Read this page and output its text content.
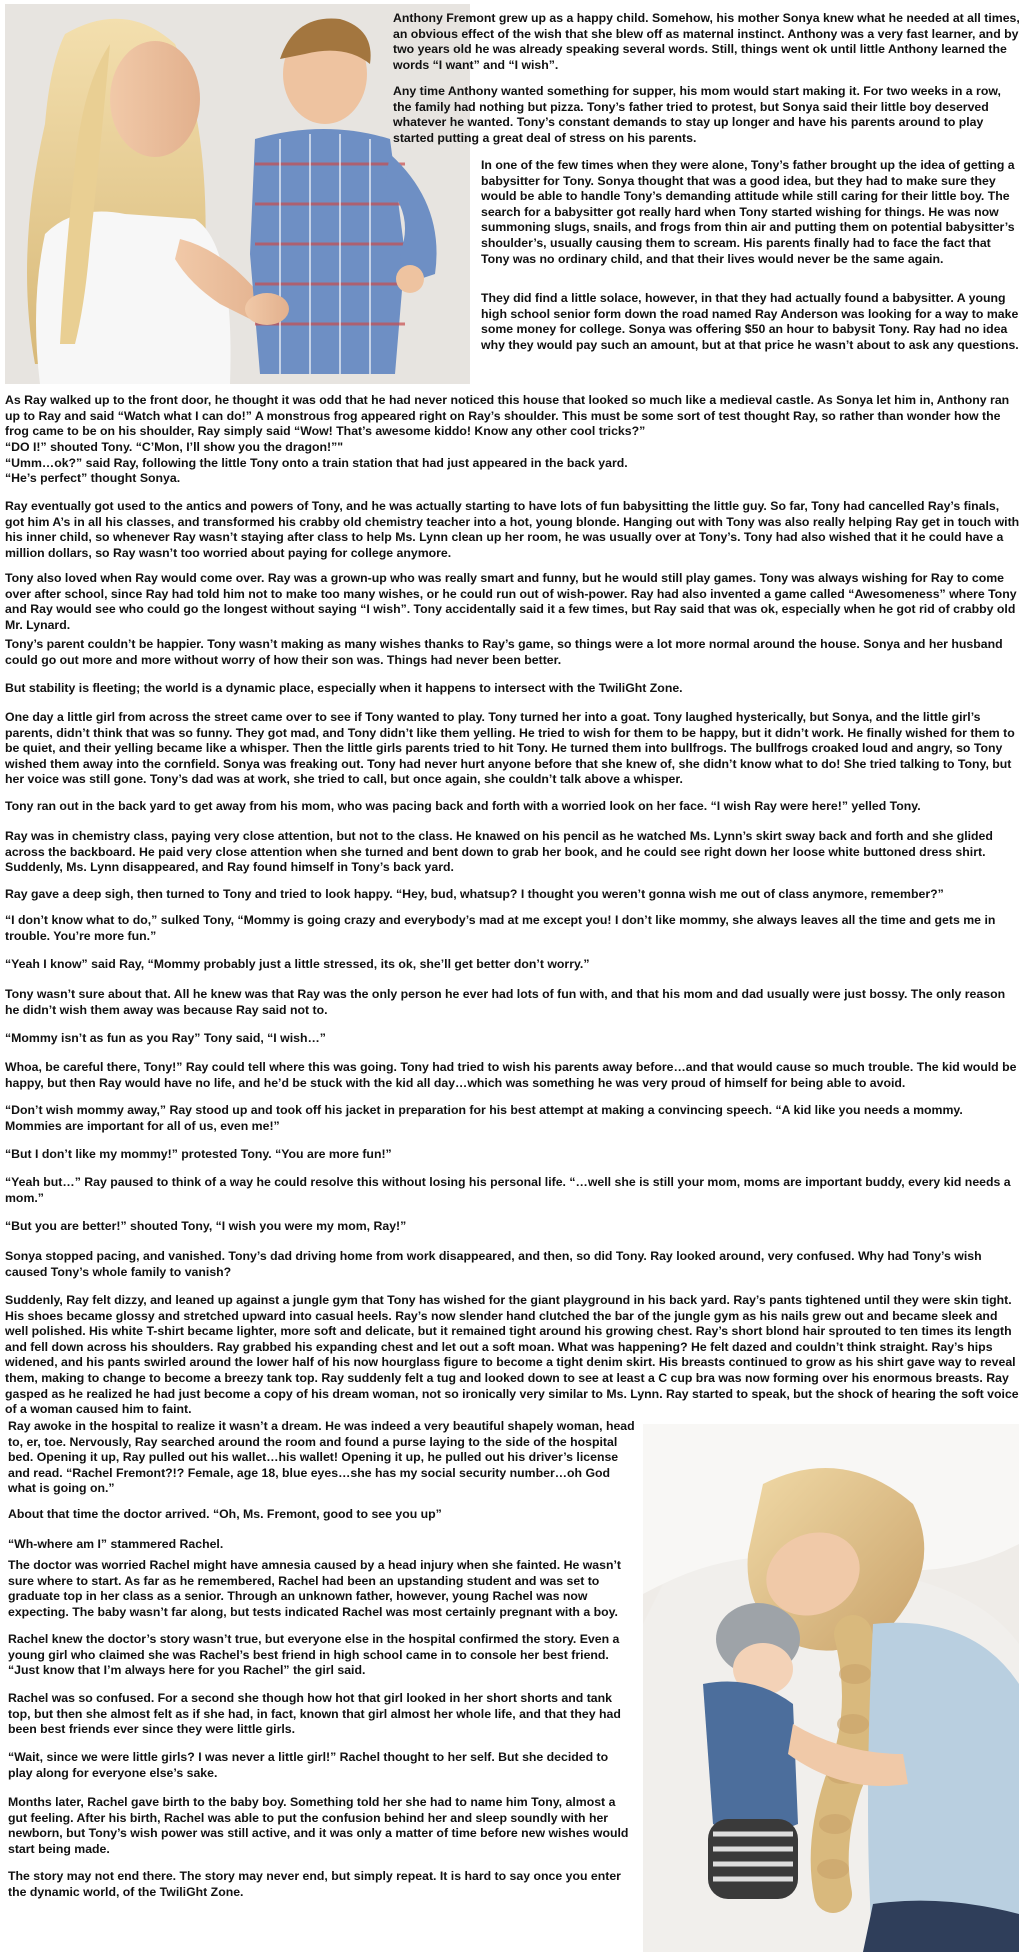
Anthony Fremont grew up as a happy child. Somehow, his mother Sonya knew what he needed at all times, an obvious effect of the wish that she blew off as maternal instinct. Anthony was a very fast learner, and by two years old he was already speaking several words. Still, things went ok until little Anthony learned the words “I want” and “I wish”.

Any time Anthony wanted something for supper, his mom would start making it. For two weeks in a row, the family had nothing but pizza. Tony’s father tried to protest, but Sonya said their little boy deserved whatever he wanted. Tony’s constant demands to stay up longer and have his parents around to play started putting a great deal of stress on his parents.

In one of the few times when they were alone, Tony’s father brought up the idea of getting a babysitter for Tony. Sonya thought that was a good idea, but they had to make sure they would be able to handle Tony’s demanding attitude while still caring for their little boy. The search for a babysitter got really hard when Tony started wishing for things. He was now summoning slugs, snails, and frogs from thin air and putting them on potential babysitter’s shoulder’s, usually causing them to scream. His parents finally had to face the fact that Tony was no ordinary child, and that their lives would never be the same again.

They did find a little solace, however, in that they had actually found a babysitter. A young high school senior form down the road named Ray Anderson was looking for a way to make some money for college. Sonya was offering $50 an hour to babysit Tony. Ray had no idea why they would pay such an amount, but at that price he wasn’t about to ask any questions.

As Ray walked up to the front door, he thought it was odd that he had never noticed this house that looked so much like a medieval castle. As Sonya let him in, Anthony ran up to Ray and said “Watch what I can do!” A monstrous frog appeared right on Ray’s shoulder. This must be some sort of test thought Ray, so rather than wonder how the frog came to be on his shoulder, Ray simply said “Wow! That’s awesome kiddo! Know any other cool tricks?”

“DO I!” shouted Tony. “C’Mon, I’ll show you the dragon!”"

“Umm…ok?” said Ray, following the little Tony onto a train station that had just appeared in the back yard.

“He’s perfect” thought Sonya.

Ray eventually got used to the antics and powers of Tony, and he was actually starting to have lots of fun babysitting the little guy. So far, Tony had cancelled Ray’s finals, got him A’s in all his classes, and transformed his crabby old chemistry teacher into a hot, young blonde. Hanging out with Tony was also really helping Ray get in touch with his inner child, so whenever Ray wasn’t staying after class to help Ms. Lynn clean up her room, he was usually over at Tony’s. Tony had also wished that it he could have a million dollars, so Ray wasn’t too worried about paying for college anymore.

Tony also loved when Ray would come over. Ray was a grown-up who was really smart and funny, but he would still play games. Tony was always wishing for Ray to come over after school, since Ray had told him not to make too many wishes, or he could run out of wish-power. Ray had also invented a game called “Awesomeness” where Tony and Ray would see who could go the longest without saying “I wish”. Tony accidentally said it a few times, but Ray said that was ok, especially when he got rid of crabby old Mr. Lynard.

Tony’s parent couldn’t be happier. Tony wasn’t making as many wishes thanks to Ray’s game, so things were a lot more normal around the house. Sonya and her husband could go out more and more without worry of how their son was. Things had never been better.

But stability is fleeting; the world is a dynamic place, especially when it happens to intersect with the TwiliGht Zone.

One day a little girl from across the street came over to see if Tony wanted to play. Tony turned her into a goat. Tony laughed hysterically, but Sonya, and the little girl’s parents, didn’t think that was so funny. They got mad, and Tony didn’t like them yelling. He tried to wish for them to be happy, but it didn’t work. He finally wished for them to be quiet, and their yelling became like a whisper. Then the little girls parents tried to hit Tony. He turned them into bullfrogs. The bullfrogs croaked loud and angry, so Tony wished them away into the cornfield. Sonya was freaking out. Tony had never hurt anyone before that she knew of, she didn’t know what to do! She tried talking to Tony, but her voice was still gone. Tony’s dad was at work, she tried to call, but once again, she couldn’t talk above a whisper.

Tony ran out in the back yard to get away from his mom, who was pacing back and forth with a worried look on her face. “I wish Ray were here!” yelled Tony.

Ray was in chemistry class, paying very close attention, but not to the class. He knawed on his pencil as he watched Ms. Lynn’s skirt sway back and forth and she glided across the backboard. He paid very close attention when she turned and bent down to grab her book, and he could see right down her loose white buttoned dress shirt. Suddenly, Ms. Lynn disappeared, and Ray found himself in Tony’s back yard.

Ray gave a deep sigh, then turned to Tony and tried to look happy. “Hey, bud, whatsup? I thought you weren’t gonna wish me out of class anymore, remember?”

“I don’t know what to do,” sulked Tony, “Mommy is going crazy and everybody’s mad at me except you! I don’t like mommy, she always leaves all the time and gets me in trouble. You’re more fun.”

“Yeah I know” said Ray, “Mommy probably just a little stressed, its ok, she’ll get better don’t worry.”

Tony wasn’t sure about that. All he knew was that Ray was the only person he ever had lots of fun with, and that his mom and dad usually were just bossy. The only reason he didn’t wish them away was because Ray said not to.

“Mommy isn’t as fun as you Ray” Tony said, “I wish…”

Whoa, be careful there, Tony!” Ray could tell where this was going. Tony had tried to wish his parents away before…and that would cause so much trouble. The kid would be happy, but then Ray would have no life, and he’d be stuck with the kid all day…which was something he was very proud of himself for being able to avoid.

“Don’t wish mommy away,” Ray stood up and took off his jacket in preparation for his best attempt at making a convincing speech. “A kid like you needs a mommy. Mommies are important for all of us, even me!”

“But I don’t like my mommy!” protested Tony. “You are more fun!”

“Yeah but…” Ray paused to think of a way he could resolve this without losing his personal life. “…well she is still your mom, moms are important buddy, every kid needs a mom.”

“But you are better!” shouted Tony, “I wish you were my mom, Ray!”

Sonya stopped pacing, and vanished. Tony’s dad driving home from work disappeared, and then, so did Tony. Ray looked around, very confused. Why had Tony’s wish caused Tony’s whole family to vanish?

Suddenly, Ray felt dizzy, and leaned up against a jungle gym that Tony has wished for the giant playground in his back yard. Ray’s pants tightened until they were skin tight. His shoes became glossy and stretched upward into casual heels. Ray’s now slender hand clutched the bar of the jungle gym as his nails grew out and became sleek and well polished. His white T-shirt became lighter, more soft and delicate, but it remained tight around his growing chest. Ray’s short blond hair sprouted to ten times its length and fell down across his shoulders. Ray grabbed his expanding chest and let out a soft moan. What was happening? He felt dazed and couldn’t think straight. Ray’s hips widened, and his pants swirled around the lower half of his now hourglass figure to become a tight denim skirt. His breasts continued to grow as his shirt gave way to reveal them, making to change to become a breezy tank top. Ray suddenly felt a tug and looked down to see at least a C cup bra was now forming over his enormous breasts. Ray gasped as he realized he had just become a copy of his dream woman, not so ironically very similar to Ms. Lynn. Ray started to speak, but the shock of hearing the soft voice of a woman caused him to faint.

Ray awoke in the hospital to realize it wasn’t a dream. He was indeed a very beautiful shapely woman, head to, er, toe. Nervously, Ray searched around the room and found a purse laying to the side of the hospital bed. Opening it up, Ray pulled out his wallet…his wallet! Opening it up, he pulled out his driver’s license and read. “Rachel Fremont?!? Female, age 18, blue eyes…she has my social security number…oh God what is going on.”

About that time the doctor arrived. “Oh, Ms. Fremont, good to see you up”

“Wh-where am I” stammered Rachel.

The doctor was worried Rachel might have amnesia caused by a head injury when she fainted. He wasn’t sure where to start. As far as he remembered, Rachel had been an upstanding student and was set to graduate top in her class as a senior. Through an unknown father, however, young Rachel was now expecting. The baby wasn’t far along, but tests indicated Rachel was most certainly pregnant with a boy.

Rachel knew the doctor’s story wasn’t true, but everyone else in the hospital confirmed the story. Even a young girl who claimed she was Rachel’s best friend in high school came in to console her best friend. “Just know that I’m always here for you Rachel” the girl said.

Rachel was so confused. For a second she though how hot that girl looked in her short shorts and tank top, but then she almost felt as if she had, in fact, known that girl almost her whole life, and that they had been best friends ever since they were little girls.

“Wait, since we were little girls? I was never a little girl!” Rachel thought to her self. But she decided to play along for everyone else’s sake.

Months later, Rachel gave birth to the baby boy. Something told her she had to name him Tony, almost a gut feeling. After his birth, Rachel was able to put the confusion behind her and sleep soundly with her newborn, but Tony’s wish power was still active, and it was only a matter of time before new wishes would start being made.

The story may not end there. The story may never end, but simply repeat. It is hard to say once you enter the dynamic world, of the TwiliGht Zone.
